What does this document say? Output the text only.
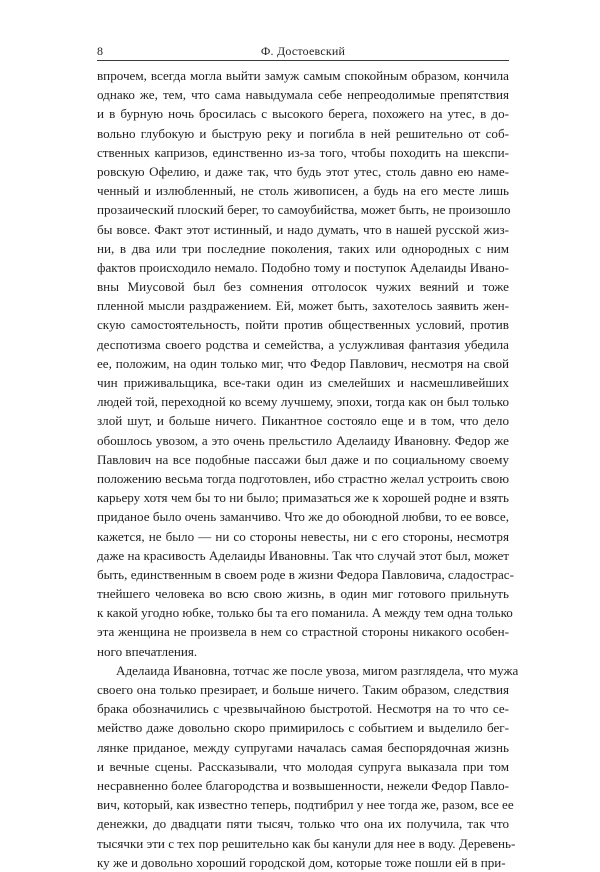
8	Ф. Достоевский
впрочем, всегда могла выйти замуж самым спокойным образом, кончила
однако же, тем, что сама навыдумала себе непреодолимые препятствия
и в бурную ночь бросилась с высокого берега, похожего на утес, в до-
вольно глубокую и быструю реку и погибла в ней решительно от соб-
ственных капризов, единственно из-за того, чтобы походить на шекспи-
ровскую Офелию, и даже так, что будь этот утес, столь давно ею наме-
ченный и излюбленный, не столь живописен, а будь на его месте лишь
прозаический плоский берег, то самоубийства, может быть, не произошло
бы вовсе. Факт этот истинный, и надо думать, что в нашей русской жиз-
ни, в два или три последние поколения, таких или однородных с ним
фактов происходило немало. Подобно тому и поступок Аделаиды Ивано-
вны Миусовой был без сомнения отголосок чужих веяний и тоже
пленной мысли раздражением. Ей, может быть, захотелось заявить жен-
скую самостоятельность, пойти против общественных условий, против
деспотизма своего родства и семейства, а услужливая фантазия убедила
ее, положим, на один только миг, что Федор Павлович, несмотря на свой
чин приживальщика, все-таки один из смелейших и насмешливейших
людей той, переходной ко всему лучшему, эпохи, тогда как он был только
злой шут, и больше ничего. Пикантное состояло еще и в том, что дело
обошлось увозом, а это очень прельстило Аделаиду Ивановну. Федор же
Павлович на все подобные пассажи был даже и по социальному своему
положению весьма тогда подготовлен, ибо страстно желал устроить свою
карьеру хотя чем бы то ни было; примазаться же к хорошей родне и взять
приданое было очень заманчиво. Что же до обоюдной любви, то ее вовсе,
кажется, не было — ни со стороны невесты, ни с его стороны, несмотря
даже на красивость Аделаиды Ивановны. Так что случай этот был, может
быть, единственным в своем роде в жизни Федора Павловича, сладострас-
тнейшего человека во всю свою жизнь, в один миг готового прильнуть
к какой угодно юбке, только бы та его поманила. А между тем одна только
эта женщина не произвела в нем со страстной стороны никакого особен-
ного впечатления.
Аделаида Ивановна, тотчас же после увоза, мигом разглядела, что мужа
своего она только презирает, и больше ничего. Таким образом, следствия
брака обозначились с чрезвычайною быстротой. Несмотря на то что се-
мейство даже довольно скоро примирилось с событием и выделило бег-
лянке приданое, между супругами началась самая беспорядочная жизнь
и вечные сцены. Рассказывали, что молодая супруга выказала при том
несравненно более благородства и возвышенности, нежели Федор Павло-
вич, который, как известно теперь, подтибрил у нее тогда же, разом, все ее
денежки, до двадцати пяти тысяч, только что она их получила, так что
тысячки эти с тех пор решительно как бы канули для нее в воду. Деревень-
ку же и довольно хороший городской дом, которые тоже пошли ей в при-
